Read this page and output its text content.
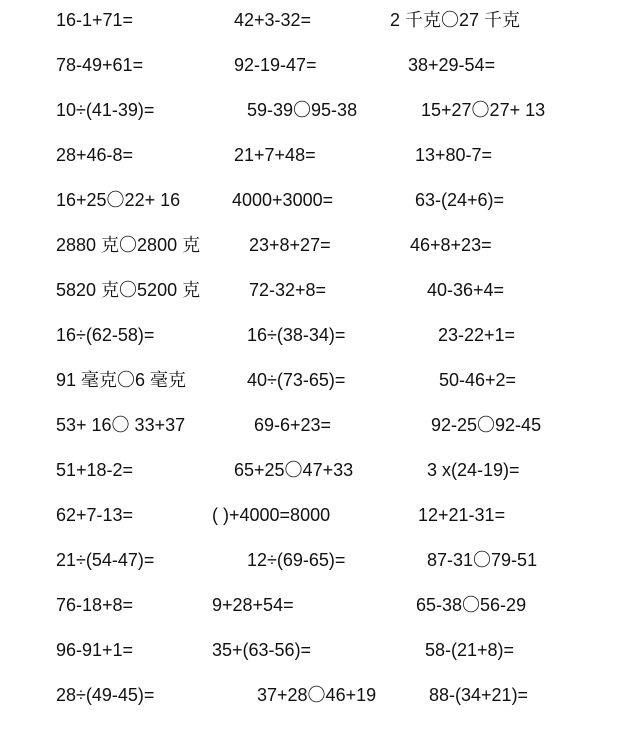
16-1+71=	42+3-32=	2 千克〇27 千克
78-49+61=	92-19-47=	38+29-54=
10÷(41-39)=	59-39〇95-38	15+27〇27+ 13
28+46-8=	21+7+48=	13+80-7=
16+25〇22+ 16	4000+3000=	63-(24+6)=
2880 克〇2800 克	23+8+27=	46+8+23=
5820 克〇5200 克	72-32+8=	40-36+4=
16÷(62-58)=	16÷(38-34)=	23-22+1=
91 毫克〇6 毫克	40÷(73-65)=	50-46+2=
53+ 16〇 33+37	69-6+23=	92-25〇92-45
51+18-2=	65+25〇47+33	3 x(24-19)=
62+7-13=	( )+4000=8000	12+21-31=
21÷(54-47)=	12÷(69-65)=	87-31〇79-51
76-18+8=	9+28+54=	65-38〇56-29
96-91+1=	35+(63-56)=	58-(21+8)=
28÷(49-45)=	37+28〇46+19	88-(34+21)=
